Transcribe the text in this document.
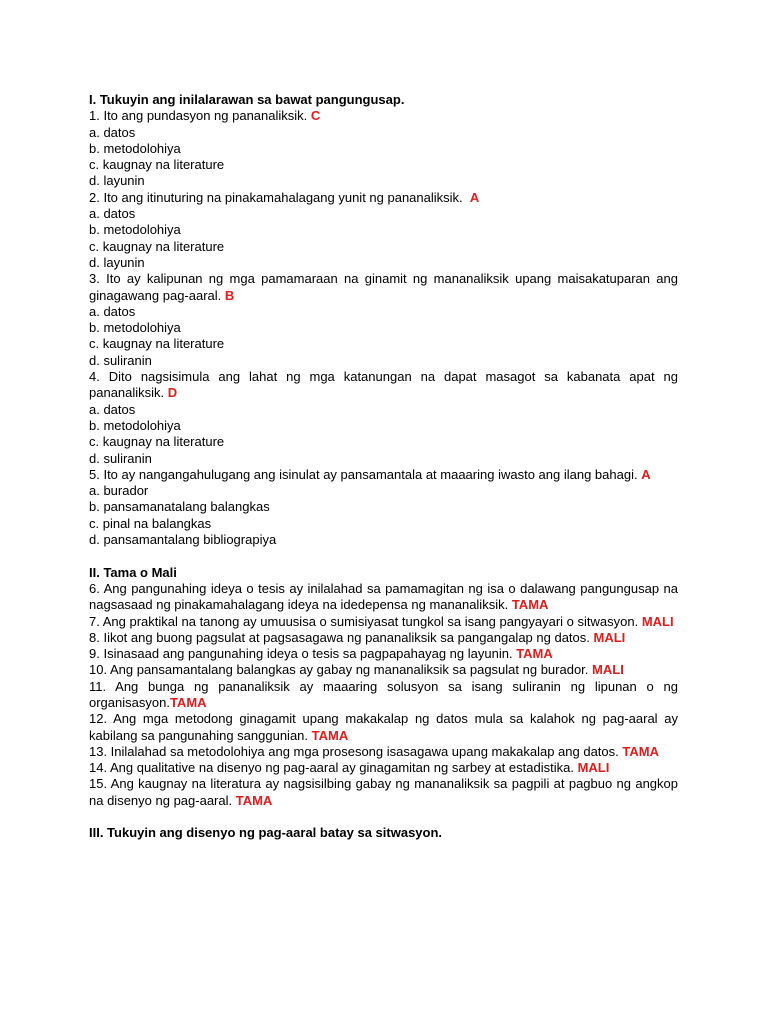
I. Tukuyin ang inilalarawan sa bawat pangungusap.
1. Ito ang pundasyon ng pananaliksik. C
a. datos
b. metodolohiya
c. kaugnay na literature
d. layunin
2. Ito ang itinuturing na pinakamahalagang yunit ng pananaliksik. A
a. datos
b. metodolohiya
c. kaugnay na literature
d. layunin
3. Ito ay kalipunan ng mga pamamaraan na ginamit ng mananaliksik upang maisakatuparan ang ginagawang pag-aaral. B
a. datos
b. metodolohiya
c. kaugnay na literature
d. suliranin
4. Dito nagsisimula ang lahat ng mga katanungan na dapat masagot sa kabanata apat ng pananaliksik. D
a. datos
b. metodolohiya
c. kaugnay na literature
d. suliranin
5. Ito ay nangangahulugang ang isinulat ay pansamantala at maaaring iwasto ang ilang bahagi. A
a. burador
b. pansamanatalang balangkas
c. pinal na balangkas
d. pansamantalang bibliograpiya
II. Tama o Mali
6. Ang pangunahing ideya o tesis ay inilalahad sa pamamagitan ng isa o dalawang pangungusap na nagsasaad ng pinakamahalagang ideya na idedepensa ng mananaliksik. TAMA
7. Ang praktikal na tanong ay umuusisa o sumisiyasat tungkol sa isang pangyayari o sitwasyon. MALI
8. Iikot ang buong pagsulat at pagsasagawa ng pananaliksik sa pangangalap ng datos. MALI
9. Isinasaad ang pangunahing ideya o tesis sa pagpapahayag ng layunin. TAMA
10. Ang pansamantalang balangkas ay gabay ng mananaliksik sa pagsulat ng burador. MALI
11. Ang bunga ng pananaliksik ay maaaring solusyon sa isang suliranin ng lipunan o ng organisasyon.TAMA
12. Ang mga metodong ginagamit upang makakalap ng datos mula sa kalahok ng pag-aaral ay kabilang sa pangunahing sanggunian. TAMA
13. Inilalahad sa metodolohiya ang mga prosesong isasagawa upang makakalap ang datos. TAMA
14. Ang qualitative na disenyo ng pag-aaral ay ginagamitan ng sarbey at estadistika. MALI
15. Ang kaugnay na literatura ay nagsisilbing gabay ng mananaliksik sa pagpili at pagbuo ng angkop na disenyo ng pag-aaral. TAMA
III. Tukuyin ang disenyo ng pag-aaral batay sa sitwasyon.
